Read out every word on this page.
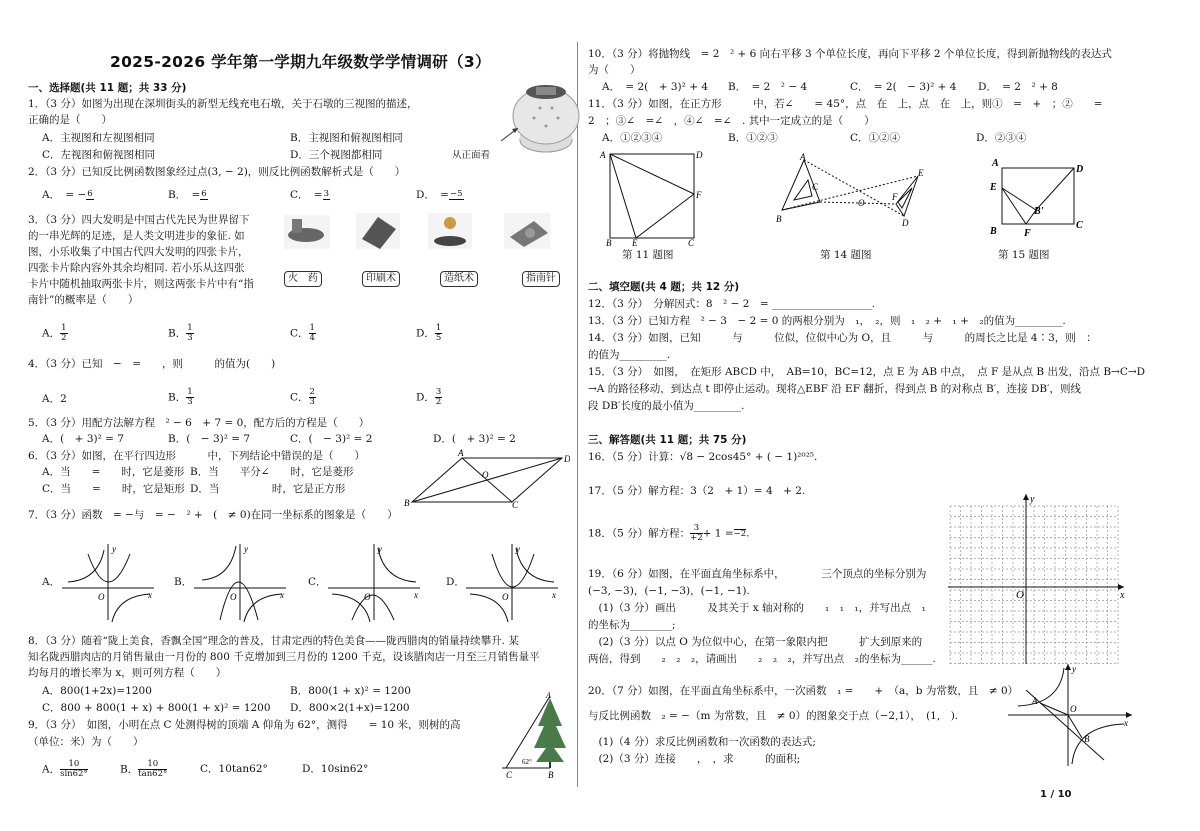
2025-2026 学年第一学期九年级数学学情调研（3）
一、选择题(共 11 题；共 33 分)
1．（3 分）如图为出现在深圳街头的新型无线充电石墩，关于石墩的三视图的描述，
正确的是（　　）
A．主视图和左视图相同	B．主视图和俯视图相同
C．左视图和俯视图相同	D．三个视图都相同	从正面看
2．（3 分）已知反比例函数图象经过点(3, − 2)，则反比例函数解析式是（　　）
A．　= − 6	B．　= 6	C．　= 3	D．　= −5
3．（3 分）四大发明是中国古代先民为世界留下
的一串光辉的足迹，是人类文明进步的象征. 如
图，小乐收集了中国古代四大发明的四张卡片，
四张卡片除内容外其余均相同. 若小乐从这四张
卡片中随机抽取两张卡片，则这两张卡片中有“指
南针”的概率是（　　）
火　药	印刷术	造纸术	指南针
A． $\frac{1}{2}$	B． $\frac{1}{3}$	C． $\frac{1}{4}$	D． $\frac{1}{5}$
4．（3 分）已知　−　=　　，则　　　的值为(　　)
A．2	B． $\frac{1}{3}$	C． $\frac{2}{3}$	D． $\frac{3}{2}$
5．（3 分）用配方法解方程　² − 6　+ 7 = 0，配方后的方程是（　　）
A．(　+ 3)² = 7	B．(　− 3)² = 7	C．(　− 3)² = 2	D．(　+ 3)² = 2
6．（3 分）如图，在平行四边形　　　中，下列结论中错误的是（　　）
A．当　　=　　时，它是菱形 B．当　　平分∠　　时，它是菱形
C．当　　=　　时，它是矩形 D．当　　　　　时，它是正方形
A
D
B	C
O
7．（3 分）函数　= −与　= −　² +　(　≠ 0)在同一坐标系的图象是（　　）
A．	B．	C．	D．
O	x
y
O	x
y
O	x
y
O	x
y
8．（3 分）随着“陇上美食，香飘全国”理念的普及，甘肃定西的特色美食——陇西腊肉的销量持续攀升. 某
知名陇西腊肉店的月销售量由一月份的 800 千克增加到三月份的 1200 千克，设该腊肉店一月至三月销售量平
均每月的增长率为 x，则可列方程（　　）
A．800(1+2x)=1200	B．800(1 + x)² = 1200
C．800 + 800(1 + x) + 800(1 + x)² = 1200 D．800×2(1+x)=1200
9．（3 分）　如图，小明在点 C 处测得树的顶端 A 仰角为 62°，测得　　= 10 米，则树的高
（单位：米）为（　　）
A． $\frac{10}{\sin 62^\circ}$	B． $\frac{10}{\tan 62^\circ}$	C．10tan62°	D．10sin62°
62°
C	B
A
10．（3 分）将抛物线　= 2　² + 6 向右平移 3 个单位长度，再向下平移 2 个单位长度，得到新抛物线的表达式
为（　　）
A．　= 2(　+ 3)² + 4 B．　= 2　² − 4	C．　= 2(　− 3)² + 4 D．　= 2　² + 8
11．（3 分）如图，在正方形　　　中，若∠　　= 45°，点　在　上，点　在　上，则①　=　+　；②　　=
2　；③∠　=∠　，④∠　=∠　. 其中一定成立的是（　　）
A．①②③④	B．①②③	C．①②④	D．②③④
A	D
B E	C
F
第 11 题图
A
C
B
O
E
F
D
第 14 题图
A
D
E
B	F
C
B'
第 15 题图
二、填空题(共 4 题；共 12 分)
12．（3 分）　分解因式：8　² − 2　= ___________________.
13．（3 分）已知方程　² − 3　− 2 = 0 的两根分别为　₁，　₂，则　₁　₂ +　₁ +　₂的值为_________.
14．（3 分）如图，已知　　　与　　　位似，位似中心为 O，且　　　与　　　的周长之比是 4∶3，则　：
的值为_________.
15．（3 分）　如图，　在矩形 ABCD 中，　AB=10，BC=12，点 E 为 AB 中点，　点 F 是从点 B 出发，沿点 B→C→D
→A 的路径移动，到达点 t 即停止运动。现将△EBF 沿 EF 翻折，得到点 B 的对称点 B′，连接 DB′，则线
段 DB′长度的最小值为_________.
三、解答题(共 11 题；共 75 分)
16．（5 分）计算：√8 − 2cos45° + ( − 1)²⁰²⁵.
17．（5 分）解方程：3（2　+ 1）= 4　+ 2.
18．（5 分）解方程： $\frac{3}{+2} + 1 = -2$ .
19．（6 分）如图，在平面直角坐标系中，　　　　三个顶点的坐标分别为
(−3, −3)，(−1, −3)，(−1, −1).
　(1)（3 分）画出　　　及其关于 x 轴对称的　　₁　₁　₁，并写出点　₁
的坐标为________;
　(2)（3 分）以点 O 为位似中心，在第一象限内把　　　扩大到原来的
两倍，得到　　₂　₂　₂，请画出　　₂　₂　₂，并写出点　₂的坐标为______.
O	x
y
20．（7 分）如图，在平面直角坐标系中，一次函数　₁ =　　+　（a，b 为常数，且　≠ 0）
与反比例函数　₂ = −（m 为常数，且　≠ 0）的图象交于点（−2,1），　(1,　).
　(1)（4 分）求反比例函数和一次函数的表达式;
　(2)（3 分）连接　　，　，求　　　的面积;
A
O
x
y
B
1 / 10
